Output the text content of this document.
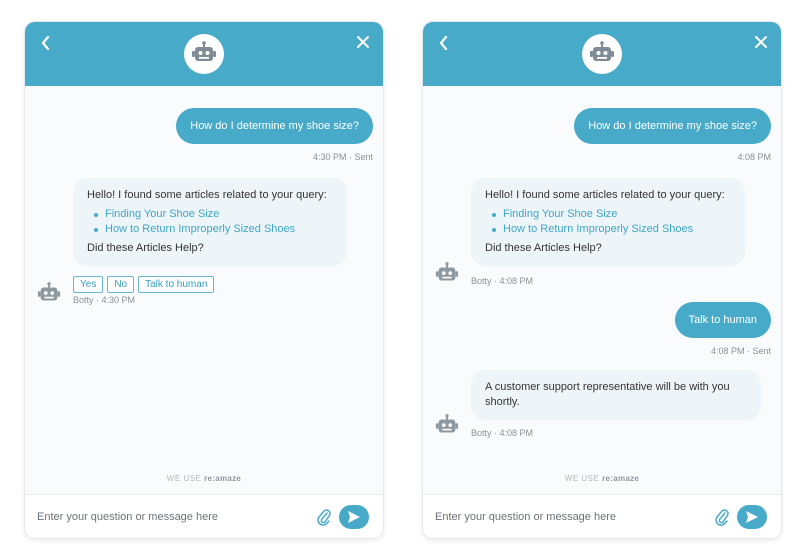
How do I determine my shoe size?
4:30 PM · Sent

Hello! I found some articles related to your query:

Finding Your Shoe Size
How to Return Improperly Sized Shoes

Did these Articles Help?

Yes	No	Talk to human
Botty · 4:30 PM
WE USE re:amaze
Enter your question or message here
How do I determine my shoe size?
4:08 PM

Hello! I found some articles related to your query:

Finding Your Shoe Size
How to Return Improperly Sized Shoes

Did these Articles Help?

Botty · 4:08 PM
Talk to human
4:08 PM · Sent

A customer support representative will be with you shortly.

Botty · 4:08 PM
WE USE re:amaze
Enter your question or message here
